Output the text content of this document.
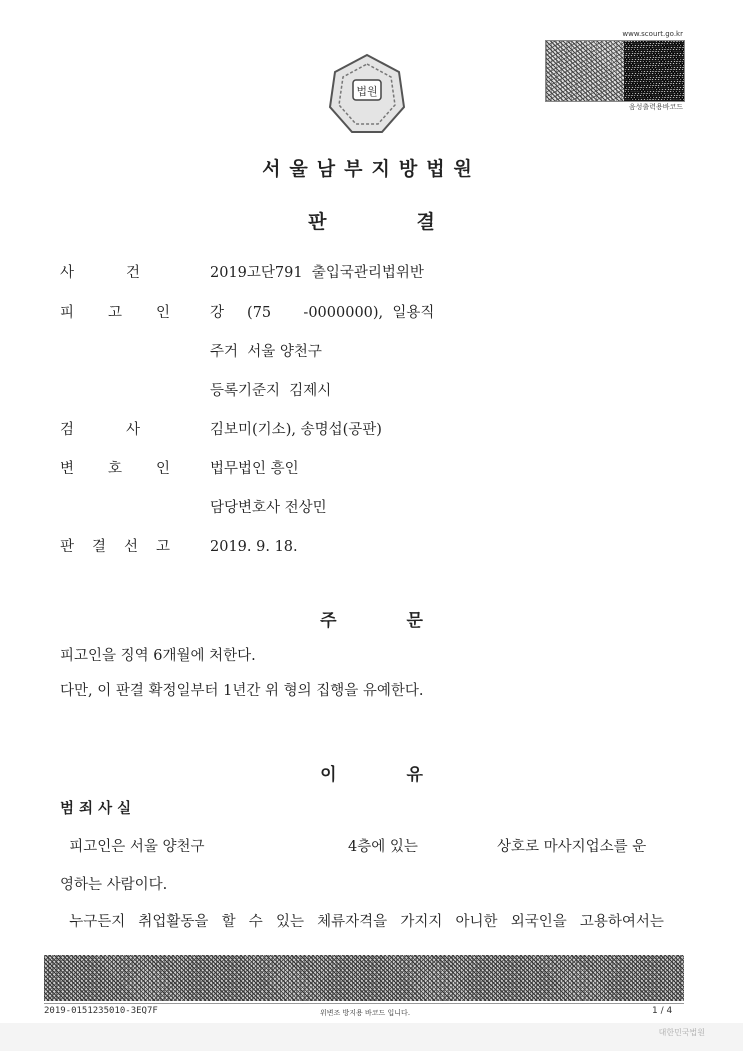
법원
www.scourt.go.kr
음성출력용바코드
서울남부지방법원
판	결
사	건	2019고단791  출입국관리법위반
피 고 인	강     (75       -0000000),  일용직
주거  서울 양천구
등록기준지  김제시
검	사	김보미(기소), 송명섭(공판)
변 호 인	법무법인 흥인
담당변호사 전상민
판 결 선 고	2019. 9. 18.
주	문
피고인을 징역 6개월에 처한다.
다만, 이 판결 확정일부터 1년간 위 형의 집행을 유예한다.
이	유
범 죄 사 실
피고인은 서울 양천구	4층에 있는	상호로 마사지업소를 운
영하는 사람이다.
누구든지 취업활동을 할 수 있는 체류자격을 가지지 아니한 외국인을 고용하여서는
2019-0151235010-3EQ7F	위변조 방지용 바코드 입니다.	1 / 4
대한민국법원
